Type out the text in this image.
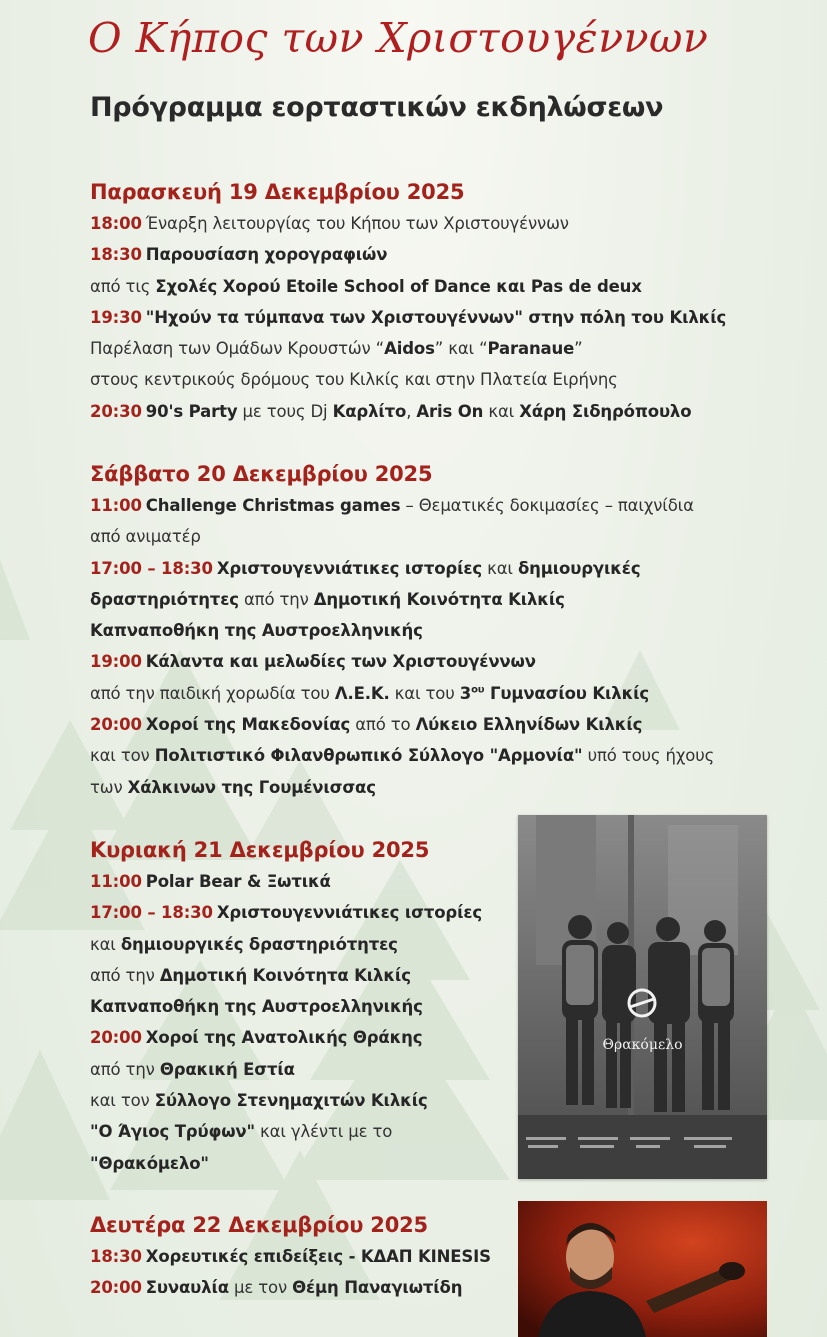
Ο Κήπος των Χριστουγέννων
Πρόγραμμα εορταστικών εκδηλώσεων
Παρασκευή 19 Δεκεμβρίου 2025
18:00 Έναρξη λειτουργίας του Κήπου των Χριστουγέννων
18:30 Παρουσίαση χορογραφιών
από τις Σχολές Χορού Etoile School of Dance και Pas de deux
19:30 "Ηχούν τα τύμπανα των Χριστουγέννων" στην πόλη του Κιλκίς
Παρέλαση των Ομάδων Κρουστών “Aidos” και “Paranaue”
στους κεντρικούς δρόμους του Κιλκίς και στην Πλατεία Ειρήνης
20:30 90's Party με τους Dj Καρλίτο, Aris On και Χάρη Σιδηρόπουλο
Σάββατο 20 Δεκεμβρίου 2025
11:00 Challenge Christmas games – Θεματικές δοκιμασίες – παιχνίδια
από ανιματέρ
17:00 – 18:30 Χριστουγεννιάτικες ιστορίες και δημιουργικές
δραστηριότητες από την Δημοτική Κοινότητα Κιλκίς
Καπναποθήκη της Αυστροελληνικής
19:00 Κάλαντα και μελωδίες των Χριστουγέννων
από την παιδική χορωδία του Λ.Ε.Κ. και του $3^{o\upsilon}$ Γυμνασίου Κιλκίς
20:00 Χοροί της Μακεδονίας από το Λύκειο Ελληνίδων Κιλκίς
και τον Πολιτιστικό Φιλανθρωπικό Σύλλογο "Αρμονία" υπό τους ήχους
των Χάλκινων της Γουμένισσας
Κυριακή 21 Δεκεμβρίου 2025
11:00 Polar Bear & Ξωτικά
17:00 – 18:30 Χριστουγεννιάτικες ιστορίες
και δημιουργικές δραστηριότητες
από την Δημοτική Κοινότητα Κιλκίς
Καπναποθήκη της Αυστροελληνικής
20:00 Χοροί της Ανατολικής Θράκης
από την Θρακική Εστία
και τον Σύλλογο Στενημαχιτών Κιλκίς
"Ο Άγιος Τρύφων" και γλέντι με το
"Θρακόμελο"
Δευτέρα 22 Δεκεμβρίου 2025
18:30 Χορευτικές επιδείξεις - ΚΔΑΠ KINESIS
20:00 Συναυλία με τον Θέμη Παναγιωτίδη
Θρακόμελο
